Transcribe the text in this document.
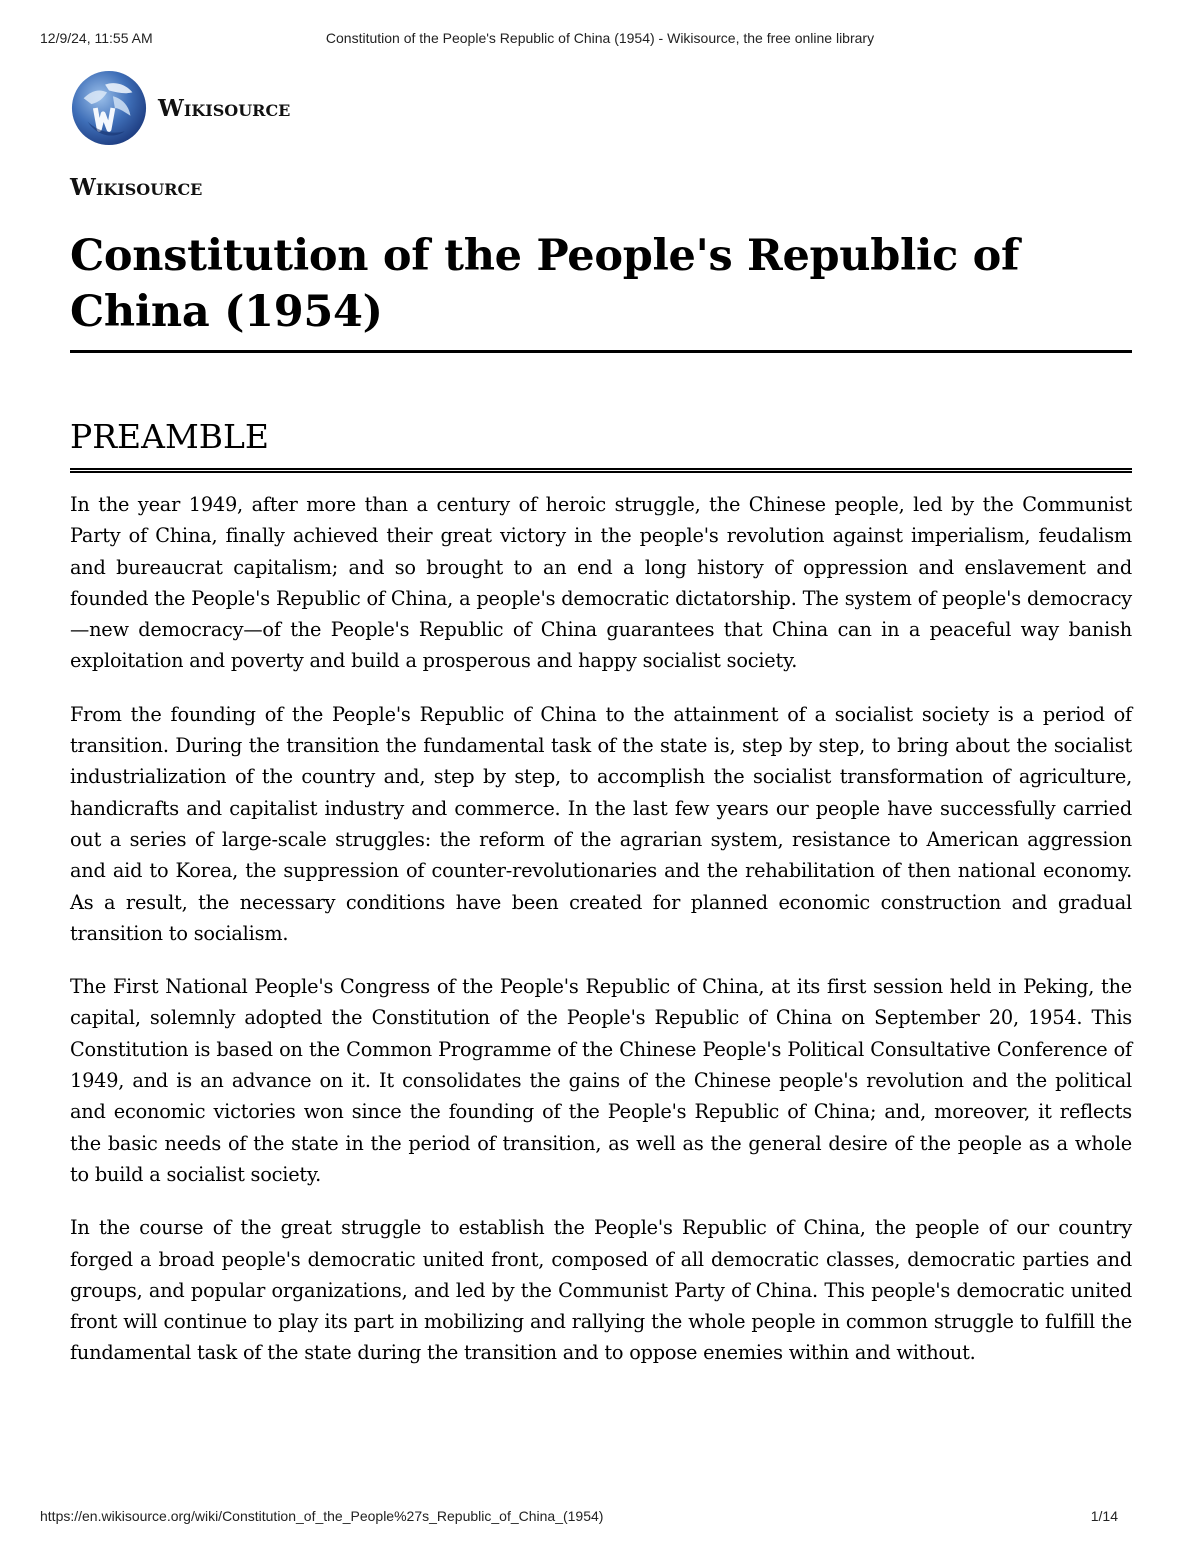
12/9/24, 11:55 AM	Constitution of the People's Republic of China (1954) - Wikisource, the free online library
Wikisource
Wikisource
Constitution of the People's Republic of China (1954)
PREAMBLE

In the year 1949, after more than a century of heroic struggle, the Chinese people, led by the Communist Party of China, finally achieved their great victory in the people's revolution against imperialism, feudalism and bureaucrat capitalism; and so brought to an end a long history of oppression and enslavement and founded the People's Republic of China, a people's democratic dictatorship. The system of people's democracy—new democracy—of the People's Republic of China guarantees that China can in a peaceful way banish exploitation and poverty and build a prosperous and happy socialist society.

From the founding of the People's Republic of China to the attainment of a socialist society is a period of transition. During the transition the fundamental task of the state is, step by step, to bring about the socialist industrialization of the country and, step by step, to accomplish the socialist transformation of agriculture, handicrafts and capitalist industry and commerce. In the last few years our people have successfully carried out a series of large-scale struggles: the reform of the agrarian system, resistance to American aggression and aid to Korea, the suppression of counter-revolutionaries and the rehabilitation of then national economy. As a result, the necessary conditions have been created for planned economic construction and gradual transition to socialism.

The First National People's Congress of the People's Republic of China, at its first session held in Peking, the capital, solemnly adopted the Constitution of the People's Republic of China on September 20, 1954. This Constitution is based on the Common Programme of the Chinese People's Political Consultative Conference of 1949, and is an advance on it. It consolidates the gains of the Chinese people's revolution and the political and economic victories won since the founding of the People's Republic of China; and, moreover, it reflects the basic needs of the state in the period of transition, as well as the general desire of the people as a whole to build a socialist society.

In the course of the great struggle to establish the People's Republic of China, the people of our country forged a broad people's democratic united front, composed of all democratic classes, democratic parties and groups, and popular organizations, and led by the Communist Party of China. This people's democratic united front will continue to play its part in mobilizing and rallying the whole people in common struggle to fulfill the fundamental task of the state during the transition and to oppose enemies within and without.

https://en.wikisource.org/wiki/Constitution_of_the_People%27s_Republic_of_China_(1954)	1/14
